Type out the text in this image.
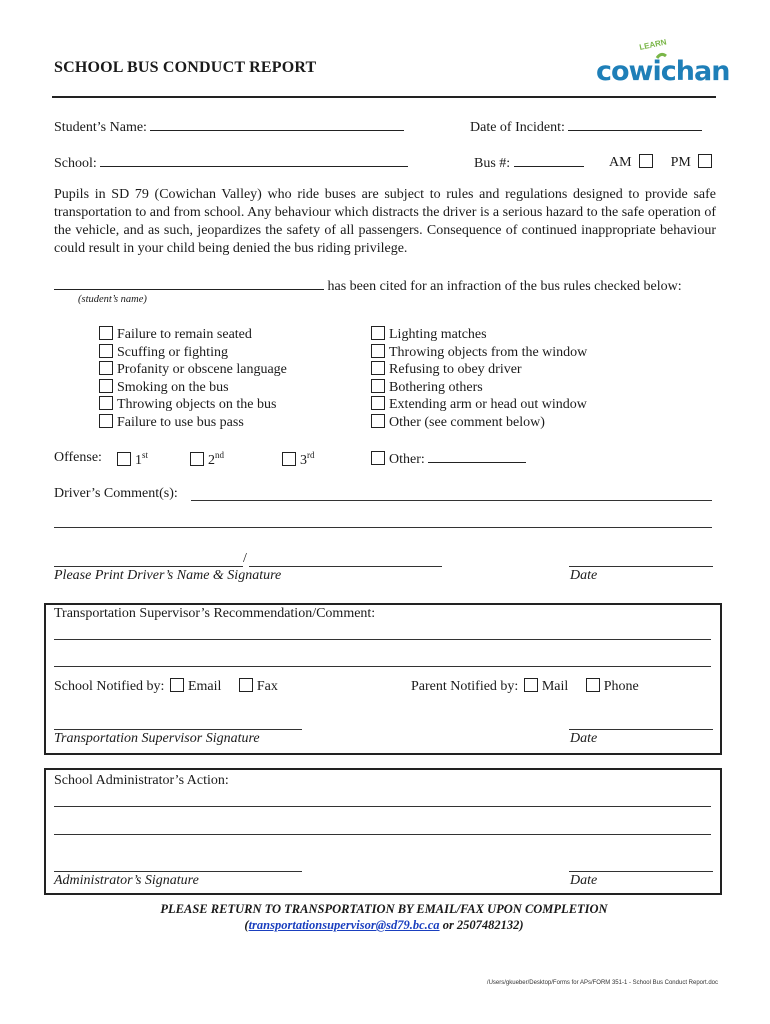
SCHOOL BUS CONDUCT REPORT
LEARN
cowichan
Student’s Name:	Date of Incident:
School:	Bus #:	AM	PM
Pupils in SD 79 (Cowichan Valley) who ride buses are subject to rules and regulations designed to provide safe transportation to and from school. Any behaviour which distracts the driver is a serious hazard to the safe operation of the vehicle, and as such, jeopardizes the safety of all passengers. Consequence of continued inappropriate behaviour could result in your child being denied the bus riding privilege.
has been cited for an infraction of the bus rules checked below:
(student’s name)
Failure to remain seated
Scuffing or fighting
Profanity or obscene language
Smoking on the bus
Throwing objects on the bus
Failure to use bus pass
Lighting matches
Throwing objects from the window
Refusing to obey driver
Bothering others
Extending arm or head out window
Other (see comment below)
Offense:	1st	2nd	3rd	Other:
Driver’s Comment(s):
/
Please Print Driver’s Name & Signature	Date
Transportation Supervisor’s Recommendation/Comment:
School Notified by: Email	Fax	Parent Notified by: Mail	Phone
Transportation Supervisor Signature	Date
School Administrator’s Action:
Administrator’s Signature	Date
PLEASE RETURN TO TRANSPORTATION BY EMAIL/FAX UPON COMPLETION
(transportationsupervisor@sd79.bc.ca or 2507482132)
/Users/gkueber/Desktop/Forms for APs/FORM 351-1 - School Bus Conduct Report.doc
